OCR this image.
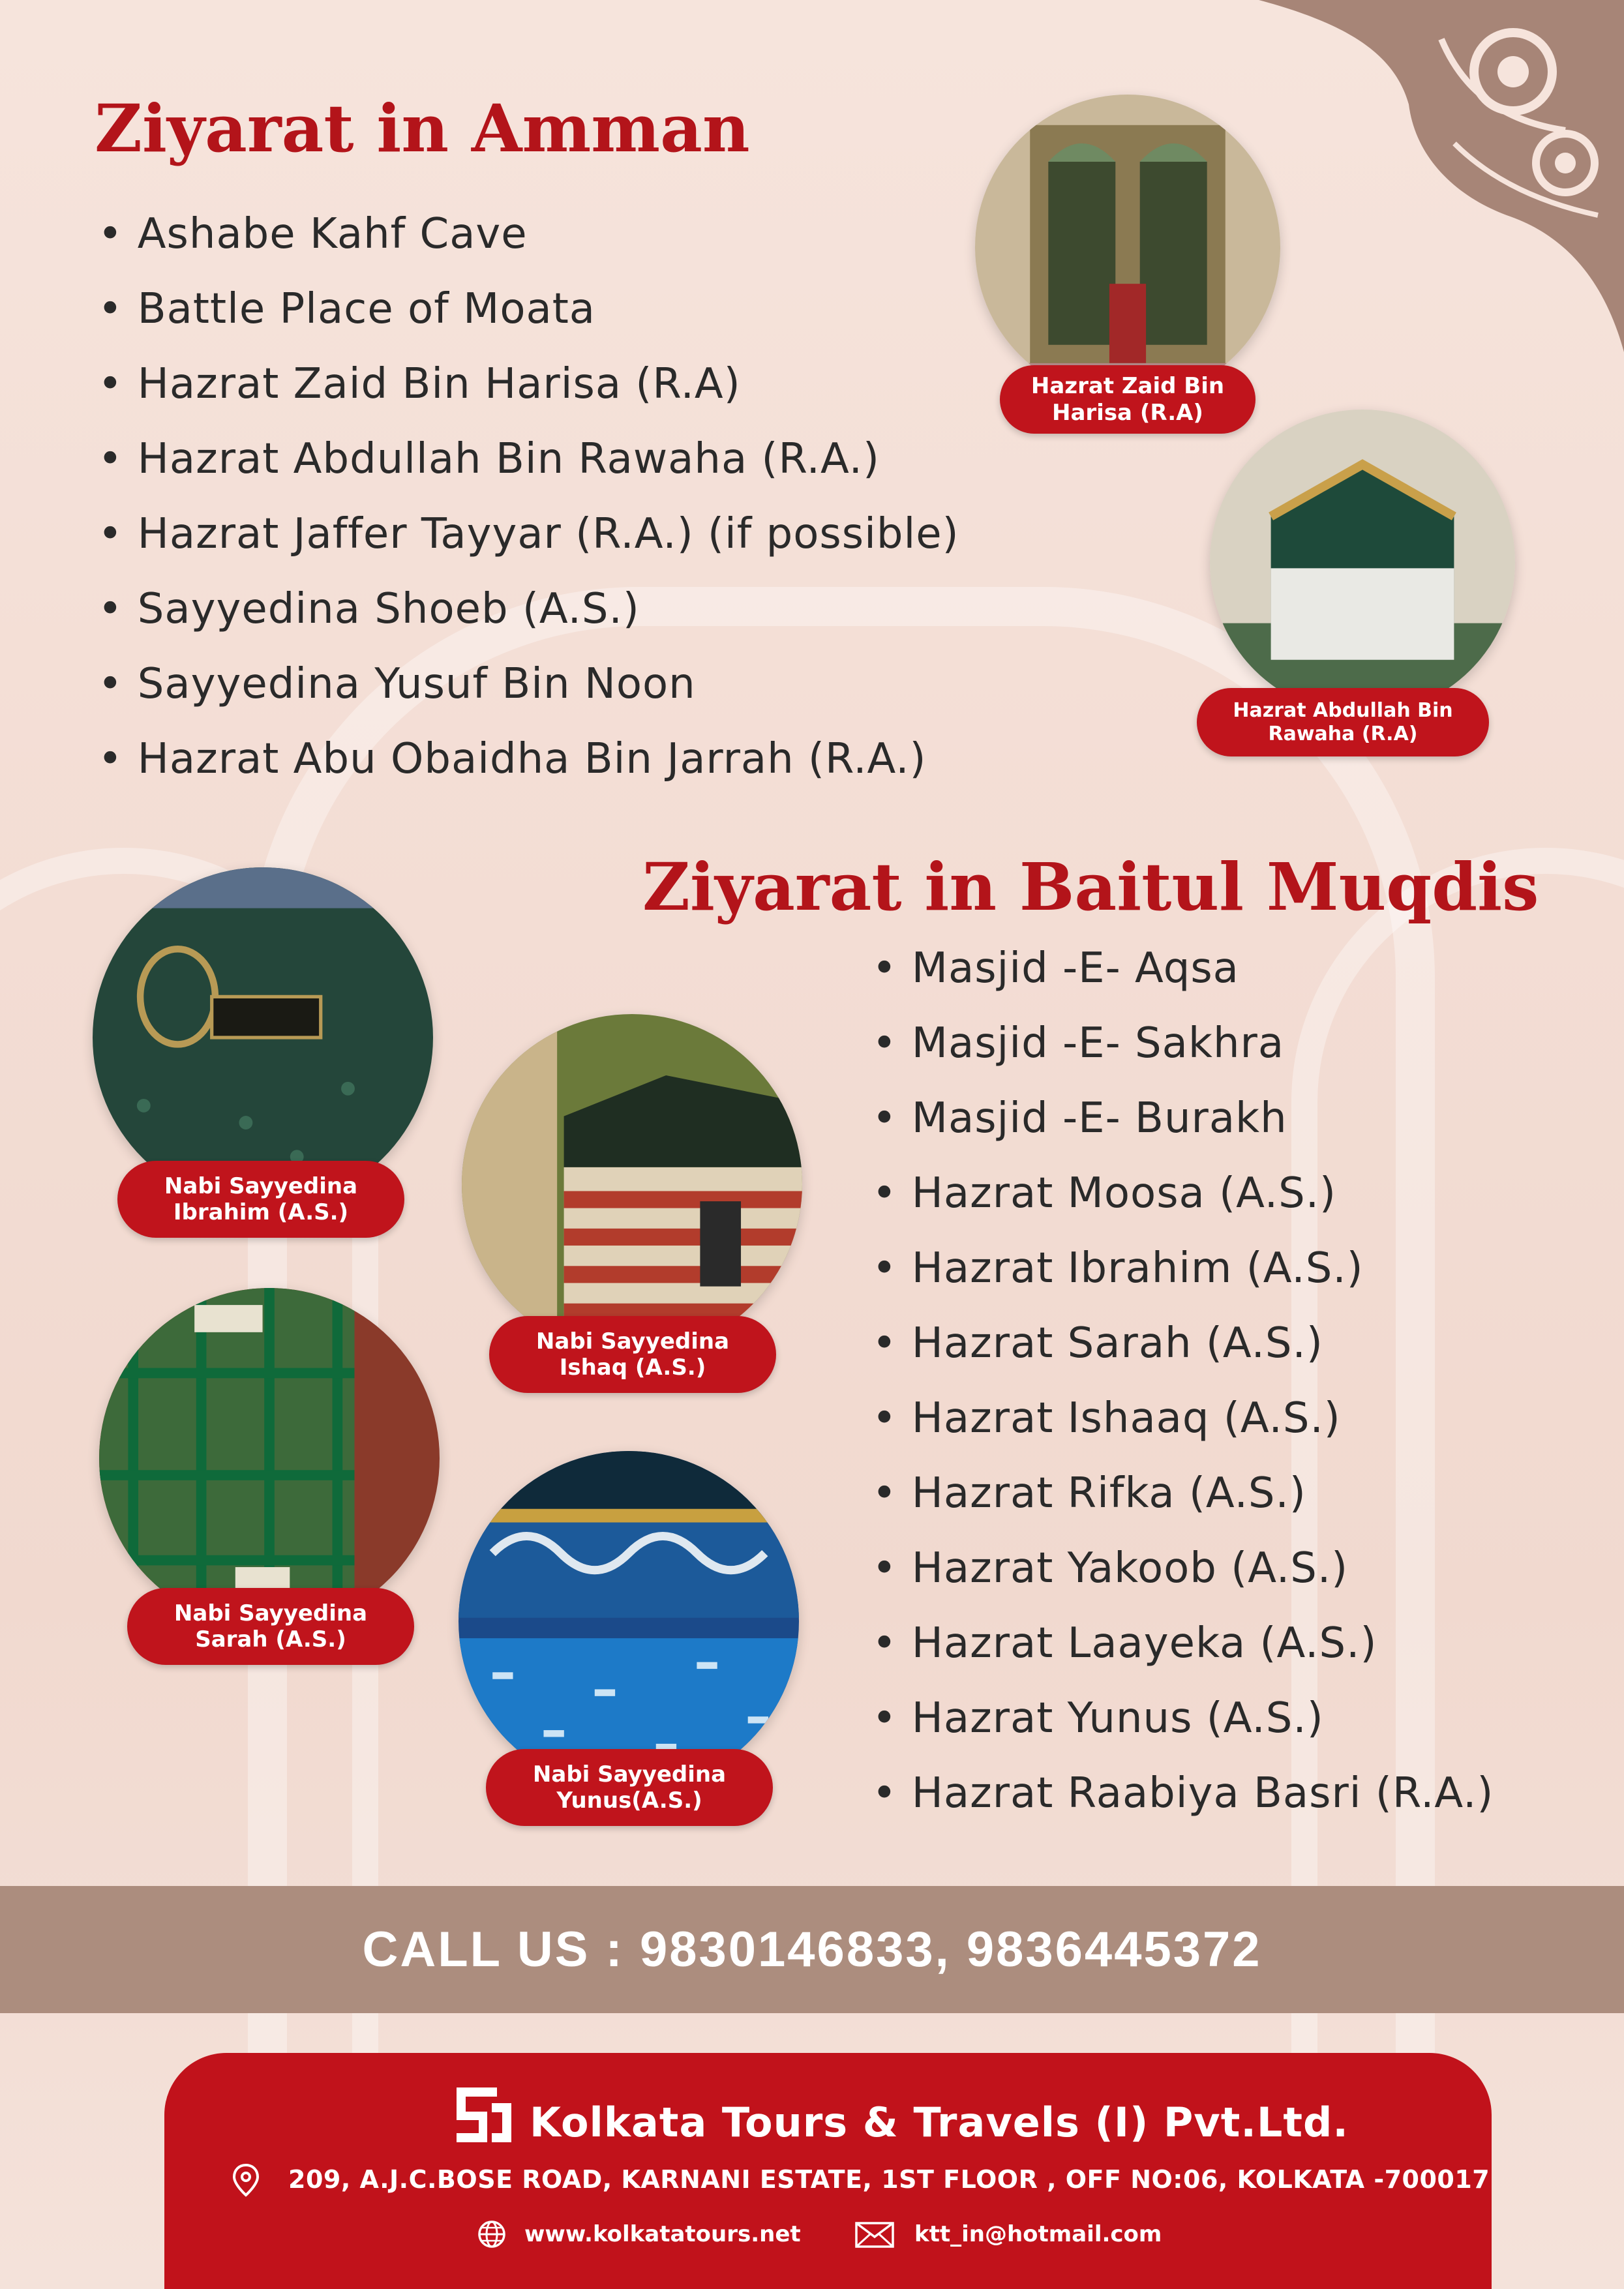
Ziyarat in Amman
• Ashabe Kahf Cave
• Battle Place of Moata
• Hazrat Zaid Bin Harisa (R.A)
• Hazrat Abdullah Bin Rawaha (R.A.)
• Hazrat Jaffer Tayyar (R.A.) (if possible)
• Sayyedina Shoeb (A.S.)
• Sayyedina Yusuf Bin Noon
• Hazrat Abu Obaidha Bin Jarrah (R.A.)
Hazrat Zaid Bin
Harisa (R.A)
Hazrat Abdullah Bin
Rawaha (R.A)
Ziyarat in Baitul Muqdis
• Masjid -E- Aqsa
• Masjid -E- Sakhra
• Masjid -E- Burakh
• Hazrat Moosa (A.S.)
• Hazrat Ibrahim (A.S.)
• Hazrat Sarah (A.S.)
• Hazrat Ishaaq (A.S.)
• Hazrat Rifka (A.S.)
• Hazrat Yakoob (A.S.)
• Hazrat Laayeka (A.S.)
• Hazrat Yunus (A.S.)
• Hazrat Raabiya Basri (R.A.)
Nabi Sayyedina
Ibrahim (A.S.)
Nabi Sayyedina
Ishaq (A.S.)
Nabi Sayyedina
Sarah (A.S.)
Nabi Sayyedina
Yunus(A.S.)
CALL US : 9830146833, 9836445372
Kolkata Tours & Travels (I) Pvt.Ltd.
209, A.J.C.BOSE ROAD, KARNANI ESTATE, 1ST FLOOR , OFF NO:06, KOLKATA -700017
www.kolkatatours.net	ktt_in@hotmail.com
